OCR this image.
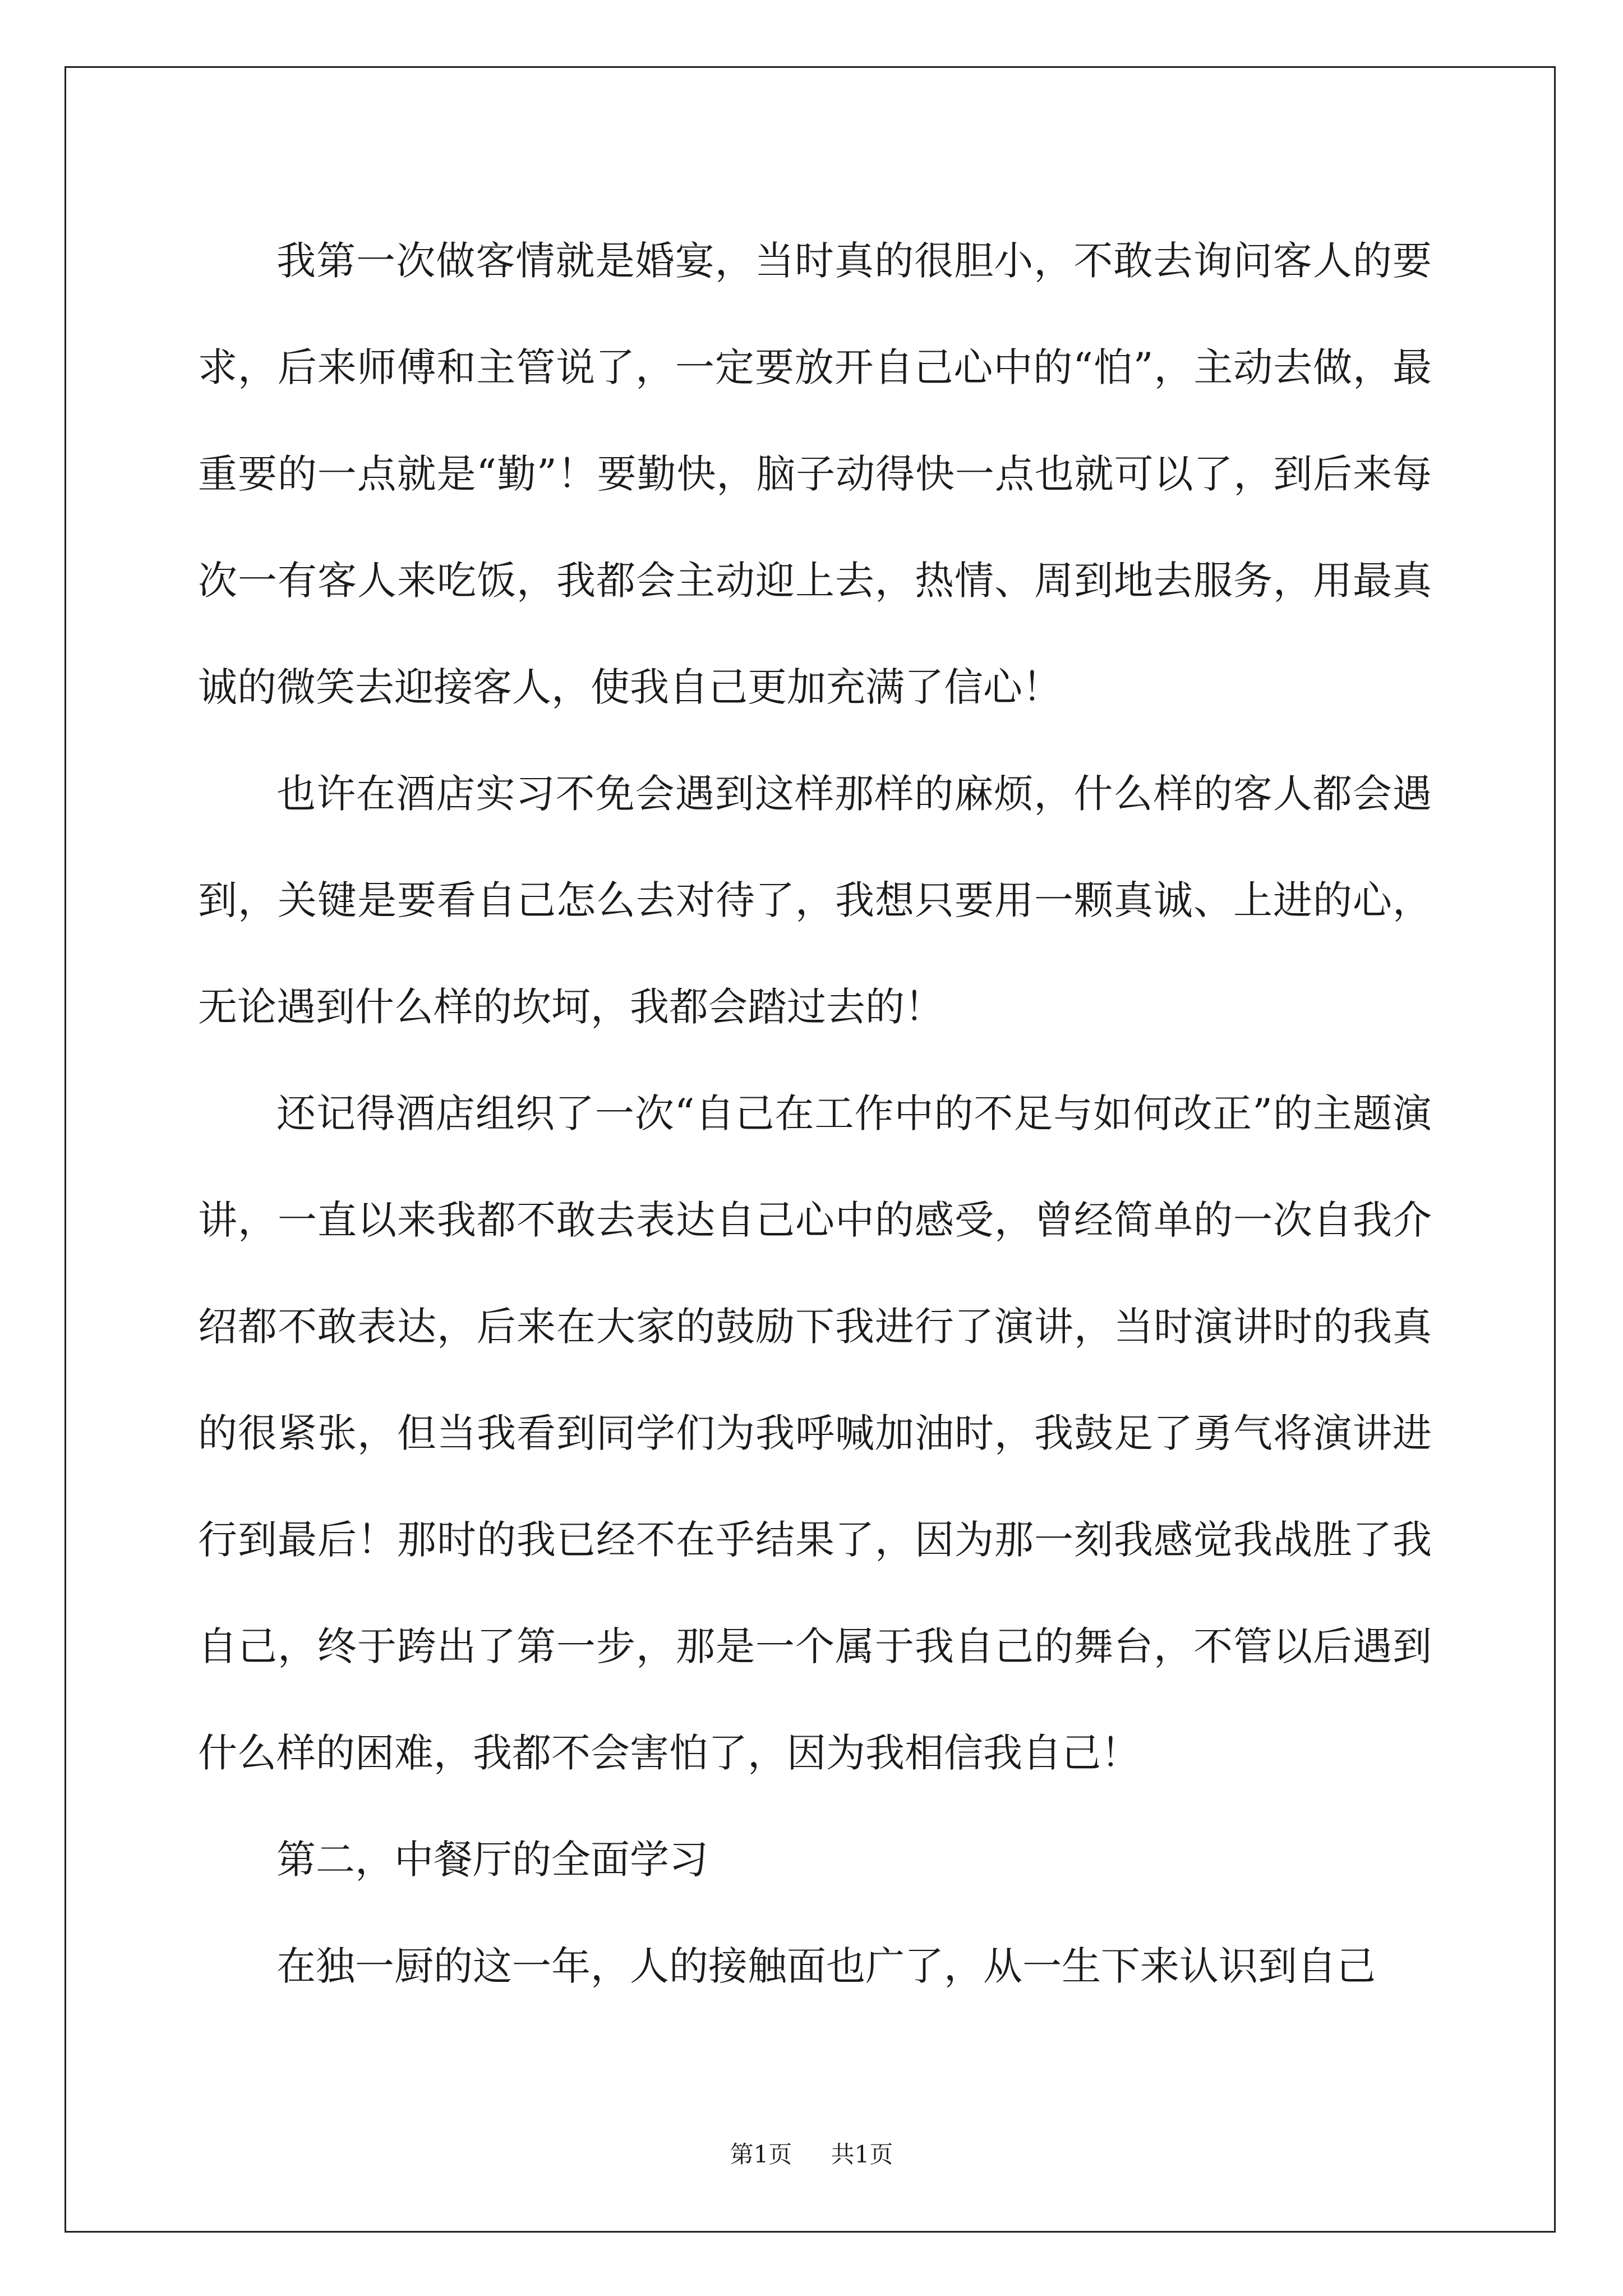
我第一次做客情就是婚宴，当时真的很胆小，不敢去询问客人的要求，后来师傅和主管说了，一定要放开自己心中的“怕”，主动去做，最重要的一点就是“勤”！要勤快，脑子动得快一点也就可以了，到后来每次一有客人来吃饭，我都会主动迎上去，热情、周到地去服务，用最真诚的微笑去迎接客人，使我自己更加充满了信心！

也许在酒店实习不免会遇到这样那样的麻烦，什么样的客人都会遇到，关键是要看自己怎么去对待了，我想只要用一颗真诚、上进的心，无论遇到什么样的坎坷，我都会踏过去的！

还记得酒店组织了一次“自己在工作中的不足与如何改正”的主题演讲，一直以来我都不敢去表达自己心中的感受，曾经简单的一次自我介绍都不敢表达，后来在大家的鼓励下我进行了演讲，当时演讲时的我真的很紧张，但当我看到同学们为我呼喊加油时，我鼓足了勇气将演讲进行到最后！那时的我已经不在乎结果了，因为那一刻我感觉我战胜了我自己，终于跨出了第一步，那是一个属于我自己的舞台，不管以后遇到什么样的困难，我都不会害怕了，因为我相信我自己！

第二，中餐厅的全面学习

在独一厨的这一年，人的接触面也广了，从一生下来认识到自己

第1页 共1页
